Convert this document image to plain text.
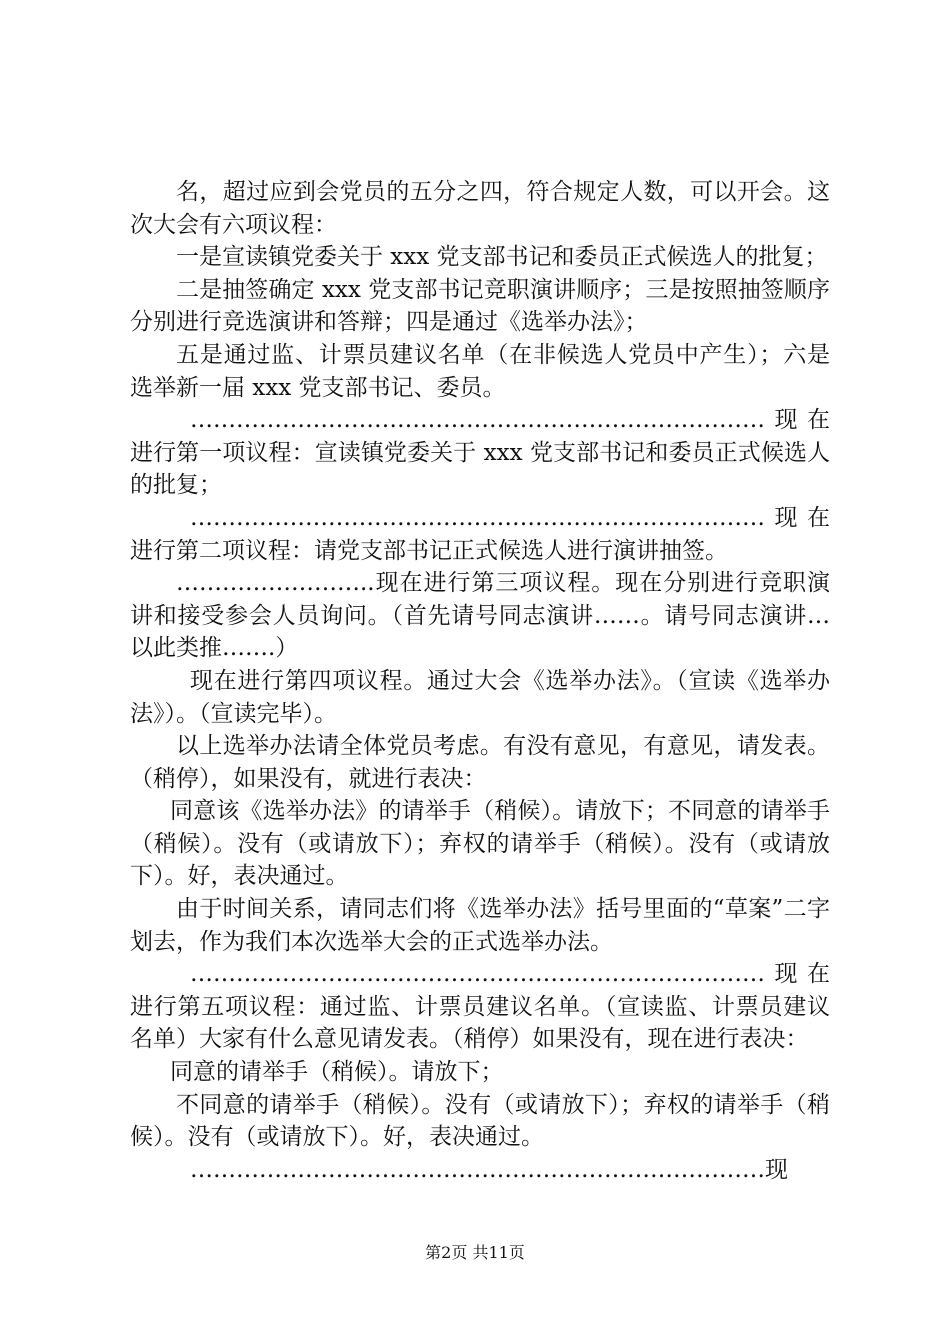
名，超过应到会党员的五分之四，符合规定人数，可以开会。这次大会有六项议程：

一是宣读镇党委关于 xxx 党支部书记和委员正式候选人的批复；

二是抽签确定 xxx 党支部书记竞职演讲顺序；三是按照抽签顺序分别进行竞选演讲和答辩；四是通过《选举办法》；

五是通过监、计票员建议名单（在非候选人党员中产生）；六是选举新一届 xxx 党支部书记、委员。

…………………………………………………………………现在进行第一项议程：宣读镇党委关于 xxx 党支部书记和委员正式候选人的批复；

…………………………………………………………………现在进行第二项议程：请党支部书记正式候选人进行演讲抽签。

……………………..现在进行第三项议程。现在分别进行竞职演讲和接受参会人员询问。（首先请号同志演讲……。请号同志演讲…以此类推…….）

现在进行第四项议程。通过大会《选举办法》。（宣读《选举办法》）。（宣读完毕）。

以上选举办法请全体党员考虑。有没有意见，有意见，请发表。（稍停），如果没有，就进行表决：

同意该《选举办法》的请举手（稍候）。请放下；不同意的请举手（稍候）。没有（或请放下）；弃权的请举手（稍候）。没有（或请放下）。好，表决通过。

由于时间关系，请同志们将《选举办法》括号里面的“草案”二字划去，作为我们本次选举大会的正式选举办法。

…………………………………………………………………现在进行第五项议程：通过监、计票员建议名单。（宣读监、计票员建议名单）大家有什么意见请发表。（稍停）如果没有，现在进行表决：

同意的请举手（稍候）。请放下；

不同意的请举手（稍候）。没有（或请放下）；弃权的请举手（稍候）。没有（或请放下）。好，表决通过。

…………………………………………………………………现

第2页 共11页
